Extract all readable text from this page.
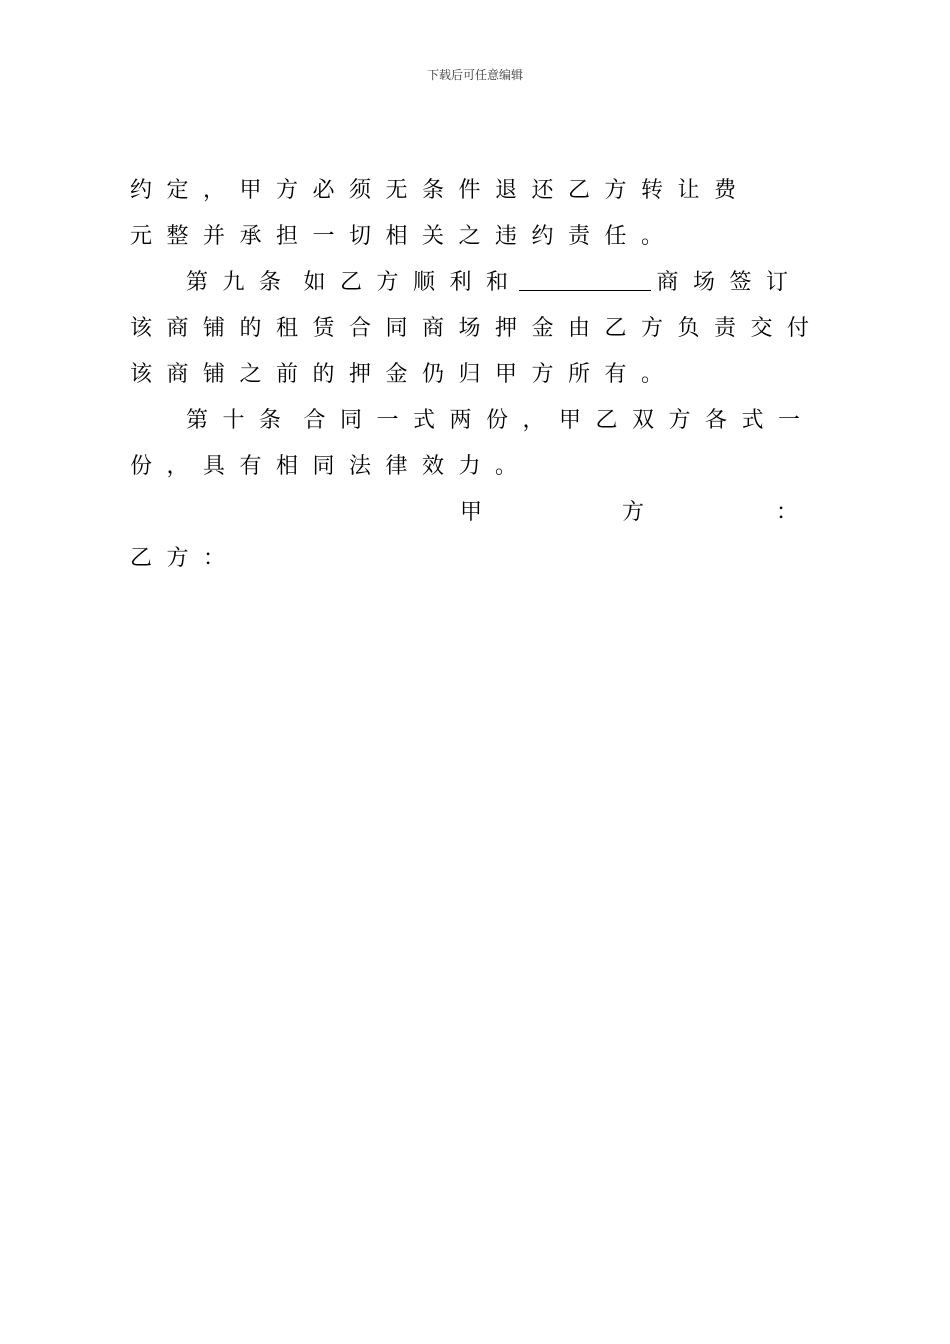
下载后可任意编辑
约定，甲方必须无条件退还乙方转让费
元整并承担一切相关之违约责任。
第九条 如乙方顺利和	商场签订
该商铺的租赁合同商场押金由乙方负责交付
该商铺之前的押金仍归甲方所有。
第十条 合同一式两份，甲乙双方各式一
份，具有相同法律效力。
甲	方	：
乙方：
